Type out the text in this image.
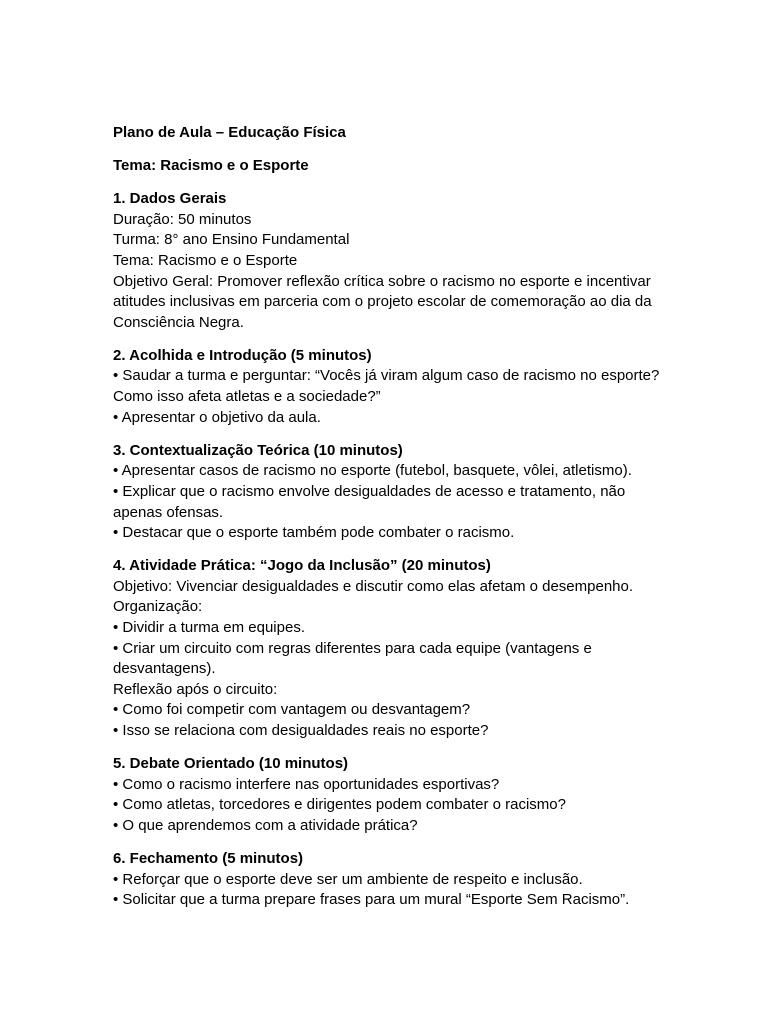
Plano de Aula – Educação Física
Tema: Racismo e o Esporte
1. Dados Gerais
Duração: 50 minutos
Turma: 8° ano Ensino Fundamental
Tema: Racismo e o Esporte
Objetivo Geral: Promover reflexão crítica sobre o racismo no esporte e incentivar atitudes inclusivas em parceria com o projeto escolar de comemoração ao dia da Consciência Negra.
2. Acolhida e Introdução (5 minutos)
• Saudar a turma e perguntar: “Vocês já viram algum caso de racismo no esporte? Como isso afeta atletas e a sociedade?”
• Apresentar o objetivo da aula.
3. Contextualização Teórica (10 minutos)
• Apresentar casos de racismo no esporte (futebol, basquete, vôlei, atletismo).
• Explicar que o racismo envolve desigualdades de acesso e tratamento, não apenas ofensas.
• Destacar que o esporte também pode combater o racismo.
4. Atividade Prática: “Jogo da Inclusão” (20 minutos)
Objetivo: Vivenciar desigualdades e discutir como elas afetam o desempenho.
Organização:
• Dividir a turma em equipes.
• Criar um circuito com regras diferentes para cada equipe (vantagens e desvantagens).
Reflexão após o circuito:
• Como foi competir com vantagem ou desvantagem?
• Isso se relaciona com desigualdades reais no esporte?
5. Debate Orientado (10 minutos)
• Como o racismo interfere nas oportunidades esportivas?
• Como atletas, torcedores e dirigentes podem combater o racismo?
• O que aprendemos com a atividade prática?
6. Fechamento (5 minutos)
• Reforçar que o esporte deve ser um ambiente de respeito e inclusão.
• Solicitar que a turma prepare frases para um mural “Esporte Sem Racismo”.
